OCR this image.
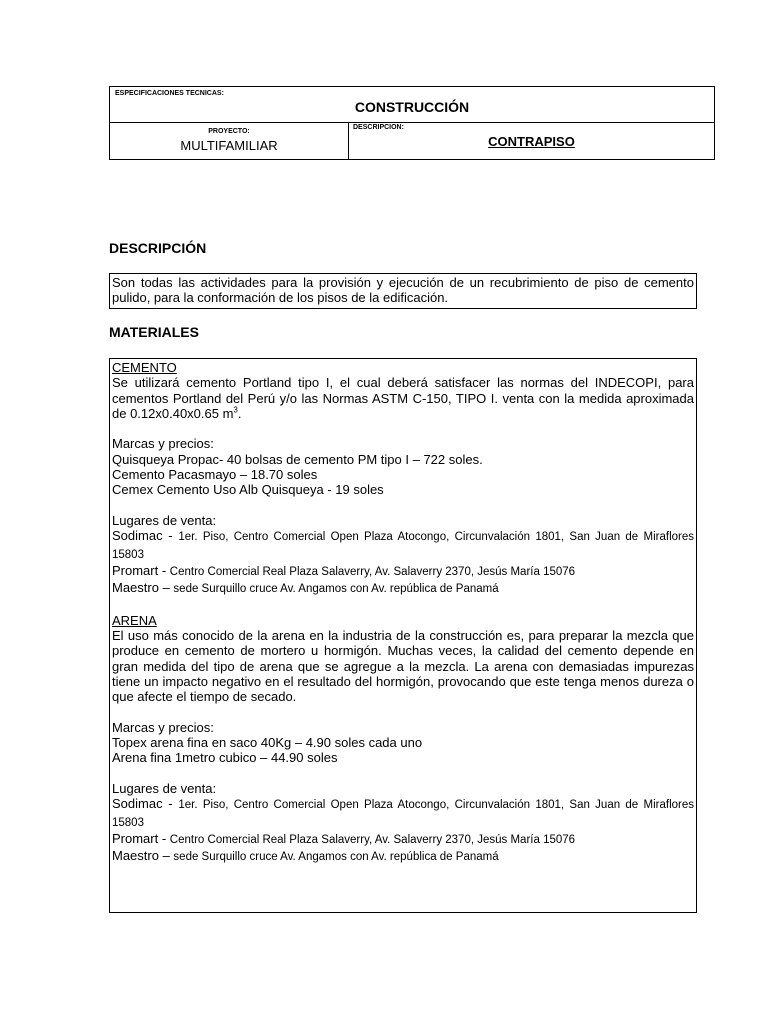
ESPECIFICACIONES TECNICAS:
CONSTRUCCIÓN
PROYECTO:
MULTIFAMILIAR
DESCRIPCION:
CONTRAPISO
DESCRIPCIÓN

Son todas las actividades para la provisión y ejecución de un recubrimiento de piso de cemento pulido, para la conformación de los pisos de la edificación.

MATERIALES

CEMENTO

Se utilizará cemento Portland tipo I, el cual deberá satisfacer las normas del INDECOPI, para cementos Portland del Perú y/o las Normas ASTM C-150, TIPO I. venta con la medida aproximada de 0.12x0.40x0.65 $m^3$.

Marcas y precios:

Quisqueya Propac- 40 bolsas de cemento PM tipo I – 722 soles.

Cemento Pacasmayo – 18.70 soles

Cemex Cemento Uso Alb Quisqueya - 19 soles

Lugares de venta:

Sodimac - 1er. Piso, Centro Comercial Open Plaza Atocongo, Circunvalación 1801, San Juan de Miraflores 15803

Promart - Centro Comercial Real Plaza Salaverry, Av. Salaverry 2370, Jesús María 15076

Maestro – sede Surquillo cruce Av. Angamos con Av. república de Panamá

ARENA

El uso más conocido de la arena en la industria de la construcción es, para preparar la mezcla que produce en cemento de mortero u hormigón. Muchas veces, la calidad del cemento depende en gran medida del tipo de arena que se agregue a la mezcla. La arena con demasiadas impurezas tiene un impacto negativo en el resultado del hormigón, provocando que este tenga menos dureza o que afecte el tiempo de secado.

Marcas y precios:

Topex arena fina en saco 40Kg – 4.90 soles cada uno

Arena fina 1metro cubico – 44.90 soles

Lugares de venta:

Sodimac - 1er. Piso, Centro Comercial Open Plaza Atocongo, Circunvalación 1801, San Juan de Miraflores 15803

Promart - Centro Comercial Real Plaza Salaverry, Av. Salaverry 2370, Jesús María 15076

Maestro – sede Surquillo cruce Av. Angamos con Av. república de Panamá
